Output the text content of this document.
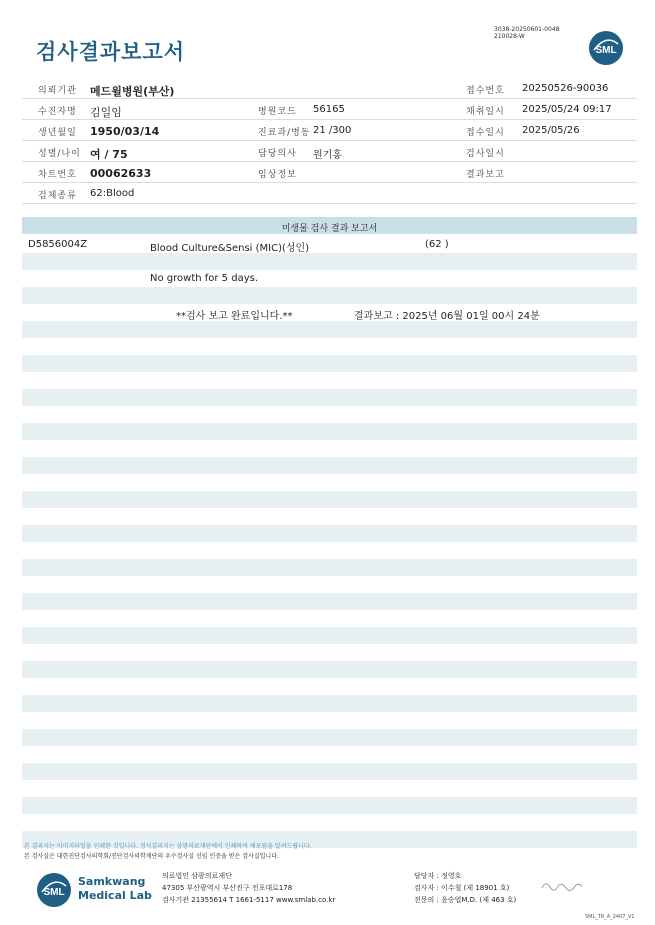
검사결과보고서
3038-20250601-0048
210028-W
SML
의뢰기관 메드윌병원(부산)	접수번호 20250526-90036
수진자명 김일임	병원코드 56165	채취일시 2025/05/24 09:17
생년월일 1950/03/14	진료과/병동 21 /300	접수일시 2025/05/26
성별/나이 여 / 75	담당의사 원기홍	검사일시
차트번호 00062633	임상정보	결과보고
검체종류 62:Blood
미생물 검사 결과 보고서
D5856004Z	Blood Culture&Sensi (MIC)(성인)	(62 )
No growth for 5 days.
**검사 보고 완료입니다.**	결과보고 : 2025년 06월 01일 00시 24분
본 결과지는 이미지파일을 인쇄한 것입니다. 정식결과지는 삼광의료재단에서 인쇄하여 배포됨을 알려드립니다.
본 검사실은 대한진단검사의학회/진단검사의학재단의 우수검사실 신임 인증을 받은 검사실입니다.
SML
Samkwang
Medical Lab
의료법인 삼광의료재단
47305 부산광역시 부산진구 전포대로178
검사기관 21355614 T 1661-5117 www.smlab.co.kr
담당자 : 정영호
검사자 : 이수철 (제 18901 호)
전문의 : 윤승엽M.D. (제 463 호)
SML_TR_A_2407_V1
